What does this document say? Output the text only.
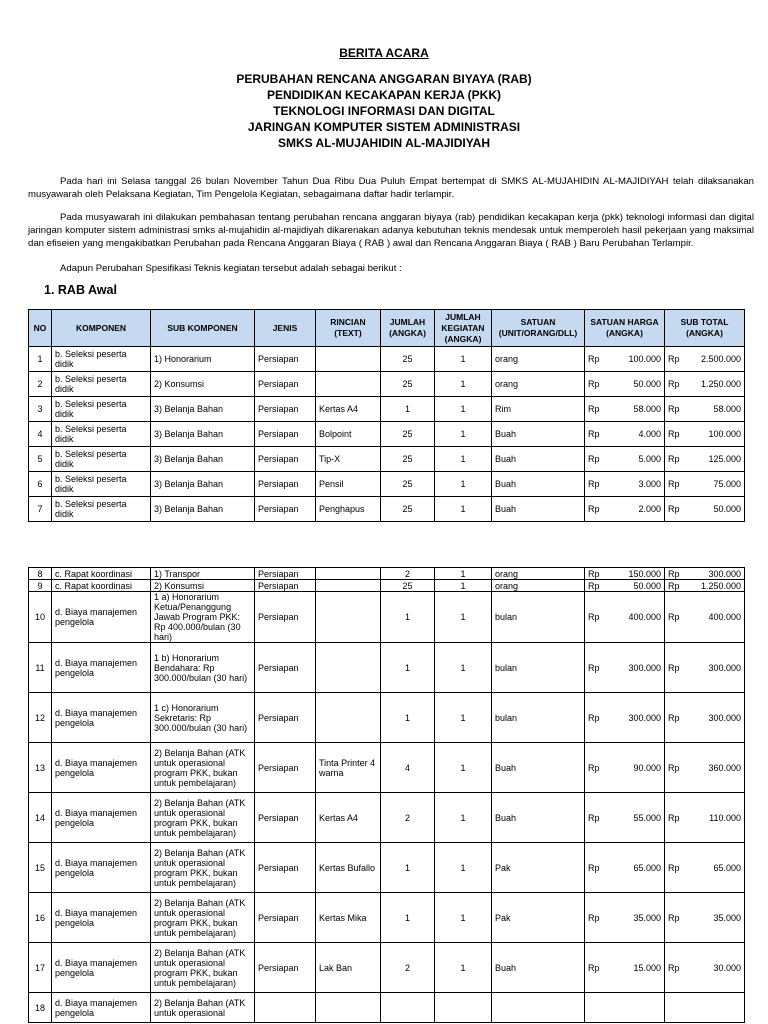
BERITA ACARA
PERUBAHAN RENCANA ANGGARAN BIYAYA (RAB)
PENDIDIKAN KECAKAPAN KERJA (PKK)
TEKNOLOGI INFORMASI DAN DIGITAL
JARINGAN KOMPUTER SISTEM ADMINISTRASI
SMKS AL-MUJAHIDIN AL-MAJIDIYAH
Pada hari ini Selasa tanggal 26 bulan November Tahun Dua Ribu Dua Puluh Empat bertempat di SMKS AL-MUJAHIDIN AL-MAJIDIYAH telah dilaksanakan musyawarah oleh Pelaksana Kegiatan, Tim Pengelola Kegiatan, sebagaimana daftar hadir terlampir.
Pada musyawarah ini dilakukan pembahasan tentang perubahan rencana anggaran biyaya (rab) pendidikan kecakapan kerja (pkk) teknologi informasi dan digital jaringan komputer sistem administrasi smks al-mujahidin al-majidiyah dikarenakan adanya kebutuhan teknis mendesak untuk memperoleh hasil pekerjaan yang maksimal dan efiseien yang mengakibatkan Perubahan pada Rencana Anggaran Biaya ( RAB ) awal dan Rencana Anggaran Biaya ( RAB ) Baru Perubahan Terlampir.
Adapun Perubahan Spesifikasi Teknis kegiatan tersebut adalah sebagai berikut :
1. RAB Awal
NO	KOMPONEN	SUB KOMPONEN	JENIS	RINCIAN (TEXT)	JUMLAH (ANGKA)	JUMLAH KEGIATAN (ANGKA)	SATUAN (UNIT/ORANG/DLL)	SATUAN HARGA (ANGKA)	SUB TOTAL (ANGKA)

1	b. Seleksi peserta didik	1) Honorarium	Persiapan		25	1	orang	Rp 100.000	Rp 2.500.000

2	b. Seleksi peserta didik	2) Konsumsi	Persiapan		25	1	orang	Rp 50.000	Rp 1.250.000

3	b. Seleksi peserta didik	3) Belanja Bahan	Persiapan	Kertas A4	1	1	Rim	Rp 58.000	Rp 58.000

4	b. Seleksi peserta didik	3) Belanja Bahan	Persiapan	Bolpoint	25	1	Buah	Rp 4.000	Rp 100.000

5	b. Seleksi peserta didik	3) Belanja Bahan	Persiapan	Tip-X	25	1	Buah	Rp 5.000	Rp 125.000

6	b. Seleksi peserta didik	3) Belanja Bahan	Persiapan	Pensil	25	1	Buah	Rp 3.000	Rp 75.000

7	b. Seleksi peserta didik	3) Belanja Bahan	Persiapan	Penghapus	25	1	Buah	Rp 2.000	Rp 50.000
8	c. Rapat koordinasi	1) Transpor	Persiapan		2	1	orang	Rp 150.000	Rp 300.000

9	c. Rapat koordinasi	2) Konsumsi	Persiapan		25	1	orang	Rp 50.000	Rp 1.250.000

10	d. Biaya manajemen pengelola	1 a) Honorarium Ketua/Penanggung Jawab Program PKK: Rp 400.000/bulan (30 hari)	Persiapan		1	1	bulan	Rp 400.000	Rp 400.000

11	d. Biaya manajemen pengelola	1 b) Honorarium Bendahara: Rp 300.000/bulan (30 hari)	Persiapan		1	1	bulan	Rp 300.000	Rp 300.000

12	d. Biaya manajemen pengelola	1 c) Honorarium Sekretaris: Rp 300.000/bulan (30 hari)	Persiapan		1	1	bulan	Rp 300.000	Rp 300.000

13	d. Biaya manajemen pengelola	2) Belanja Bahan (ATK untuk operasional program PKK, bukan untuk pembelajaran)	Persiapan	Tinta Printer 4 warna	4	1	Buah	Rp 90.000	Rp 360.000

14	d. Biaya manajemen pengelola	2) Belanja Bahan (ATK untuk operasional program PKK, bukan untuk pembelajaran)	Persiapan	Kertas A4	2	1	Buah	Rp 55.000	Rp 110.000

15	d. Biaya manajemen pengelola	2) Belanja Bahan (ATK untuk operasional program PKK, bukan untuk pembelajaran)	Persiapan	Kertas Bufallo	1	1	Pak	Rp 65.000	Rp 65.000

16	d. Biaya manajemen pengelola	2) Belanja Bahan (ATK untuk operasional program PKK, bukan untuk pembelajaran)	Persiapan	Kertas Mika	1	1	Pak	Rp 35.000	Rp 35.000

17	d. Biaya manajemen pengelola	2) Belanja Bahan (ATK untuk operasional program PKK, bukan untuk pembelajaran)	Persiapan	Lak Ban	2	1	Buah	Rp 15.000	Rp 30.000

18	d. Biaya manajemen pengelola	2) Belanja Bahan (ATK untuk operasional							
